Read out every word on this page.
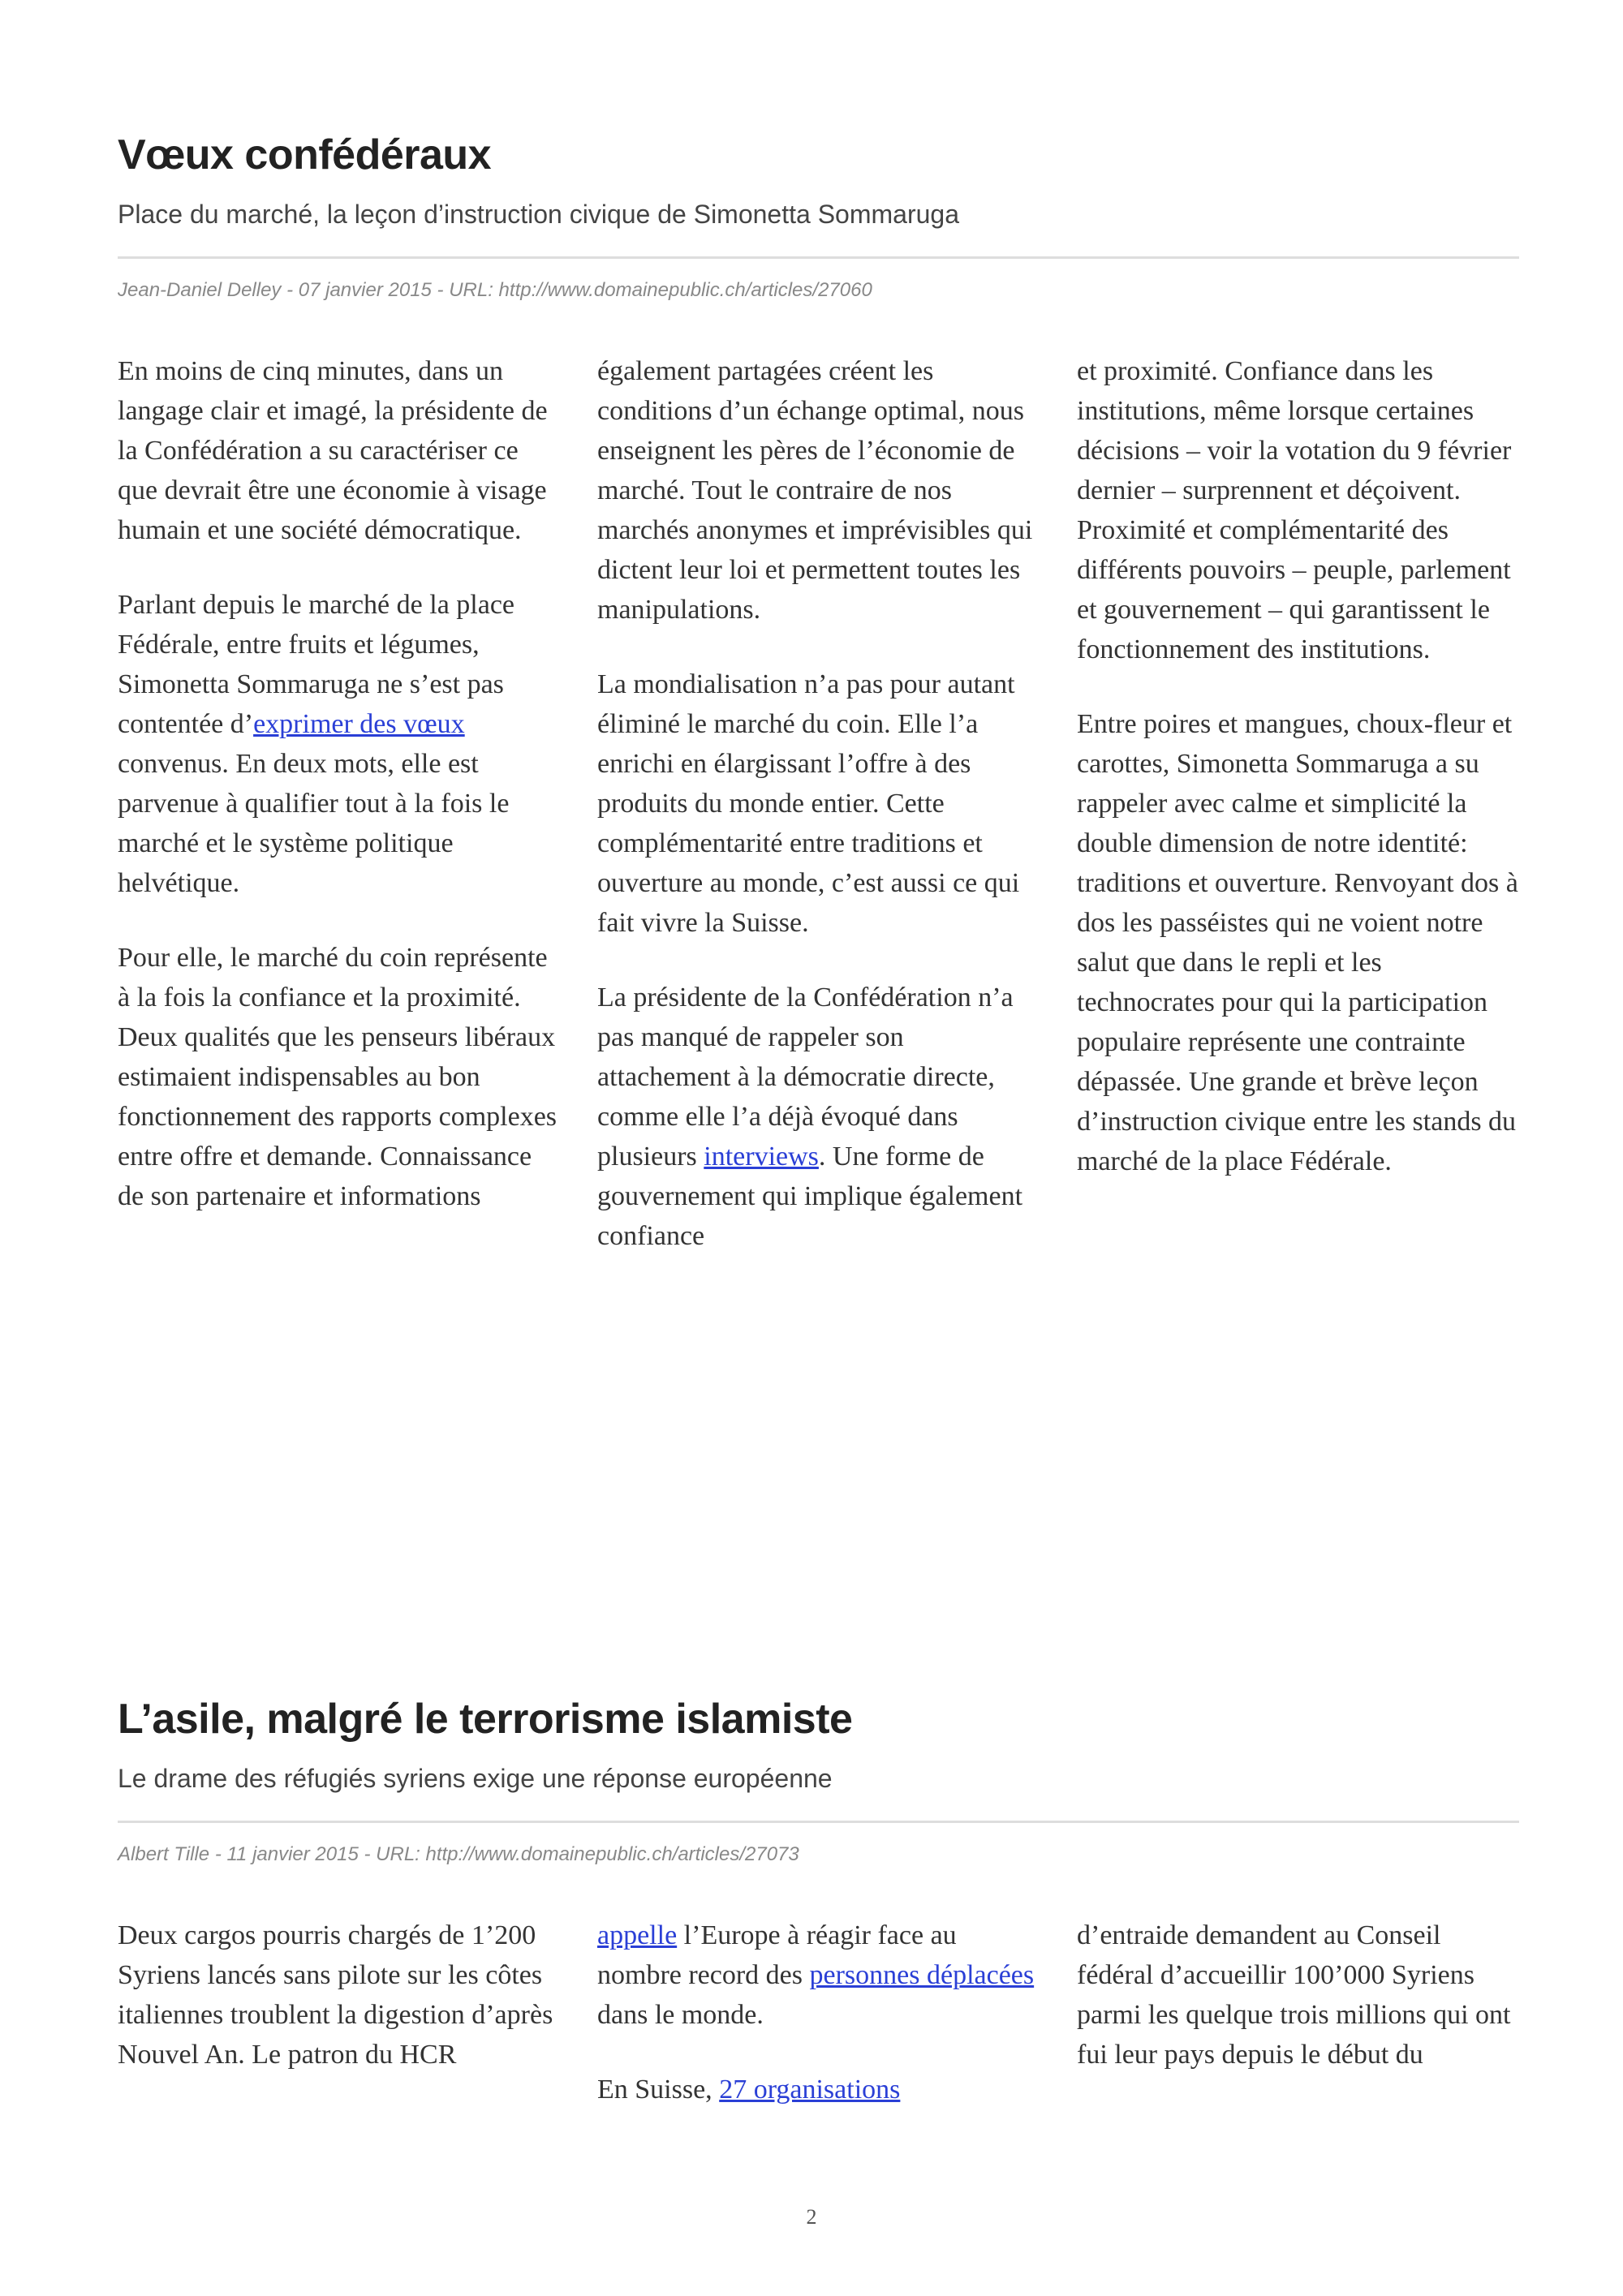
Vœux confédéraux
Place du marché, la leçon d’instruction civique de Simonetta Sommaruga
Jean-Daniel Delley - 07 janvier 2015 - URL: http://www.domainepublic.ch/articles/27060

En moins de cinq minutes, dans un langage clair et imagé, la présidente de la Confédération a su caractériser ce que devrait être une économie à visage humain et une société démocratique.

Parlant depuis le marché de la place Fédérale, entre fruits et légumes, Simonetta Sommaruga ne s’est pas contentée d’exprimer des vœux convenus. En deux mots, elle est parvenue à qualifier tout à la fois le marché et le système politique helvétique.

Pour elle, le marché du coin représente à la fois la confiance et la proximité. Deux qualités que les penseurs libéraux estimaient indispensables au bon fonctionnement des rapports complexes entre offre et demande. Connaissance de son partenaire et informations

également partagées créent les conditions d’un échange optimal, nous enseignent les pères de l’économie de marché. Tout le contraire de nos marchés anonymes et imprévisibles qui dictent leur loi et permettent toutes les manipulations.

La mondialisation n’a pas pour autant éliminé le marché du coin. Elle l’a enrichi en élargissant l’offre à des produits du monde entier. Cette complémentarité entre traditions et ouverture au monde, c’est aussi ce qui fait vivre la Suisse.

La présidente de la Confédération n’a pas manqué de rappeler son attachement à la démocratie directe, comme elle l’a déjà évoqué dans plusieurs interviews. Une forme de gouvernement qui implique également confiance

et proximité. Confiance dans les institutions, même lorsque certaines décisions – voir la votation du 9 février dernier – surprennent et déçoivent. Proximité et complémentarité des différents pouvoirs – peuple, parlement et gouvernement – qui garantissent le fonctionnement des institutions.

Entre poires et mangues, choux-fleur et carottes, Simonetta Sommaruga a su rappeler avec calme et simplicité la double dimension de notre identité: traditions et ouverture. Renvoyant dos à dos les passéistes qui ne voient notre salut que dans le repli et les technocrates pour qui la participation populaire représente une contrainte dépassée. Une grande et brève leçon d’instruction civique entre les stands du marché de la place Fédérale.

L’asile, malgré le terrorisme islamiste
Le drame des réfugiés syriens exige une réponse européenne
Albert Tille - 11 janvier 2015 - URL: http://www.domainepublic.ch/articles/27073

Deux cargos pourris chargés de 1’200 Syriens lancés sans pilote sur les côtes italiennes troublent la digestion d’après Nouvel An. Le patron du HCR

appelle l’Europe à réagir face au nombre record des personnes déplacées dans le monde.

En Suisse, 27 organisations

d’entraide demandent au Conseil fédéral d’accueillir 100’000 Syriens parmi les quelque trois millions qui ont fui leur pays depuis le début du

2
